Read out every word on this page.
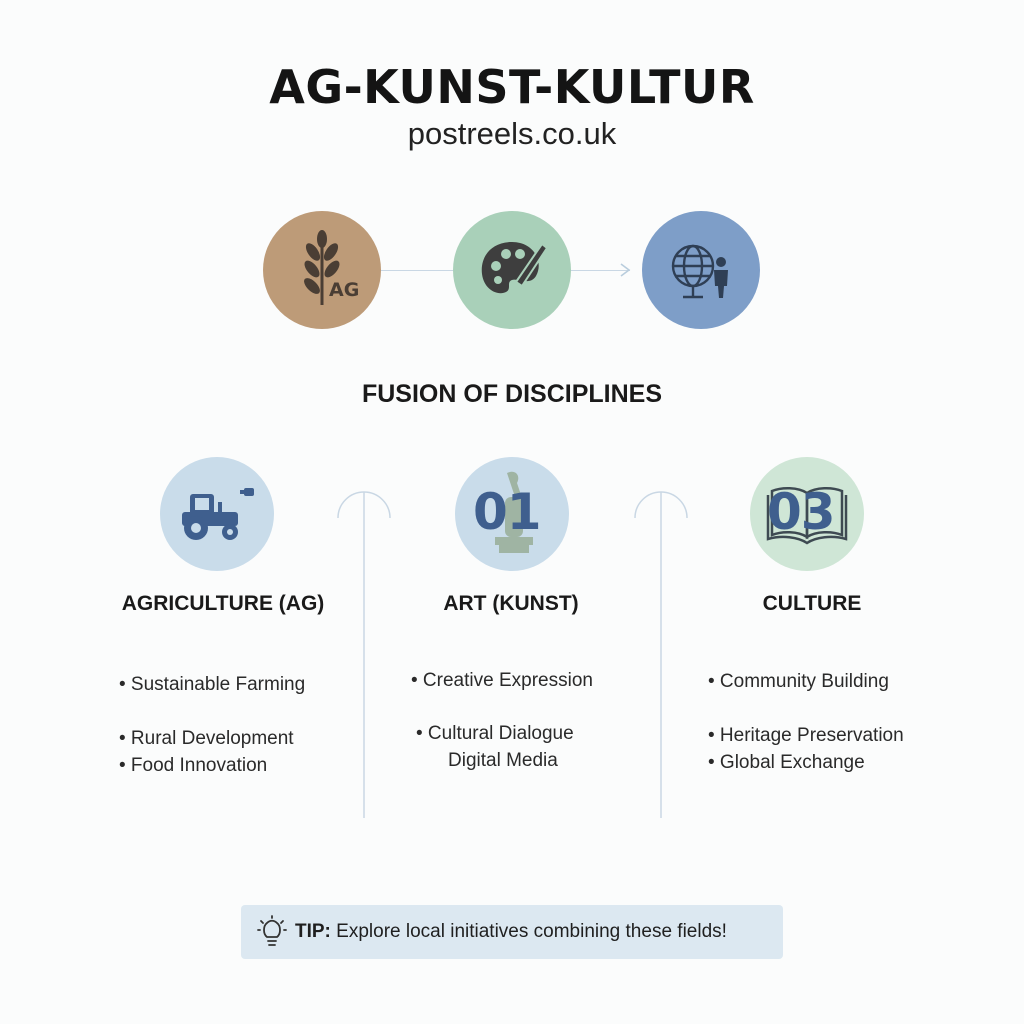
AG-KUNST-KULTUR
postreels.co.uk
AG
FUSION OF DISCIPLINES
AGRICULTURE (AG)
• Sustainable Farming
• Rural Development
• Food Innovation
01
ART (KUNST)
• Creative Expression
• Cultural Dialogue
Digital Media
03
CULTURE
• Community Building
• Heritage Preservation
• Global Exchange
TIP: Explore local initiatives combining these fields!
